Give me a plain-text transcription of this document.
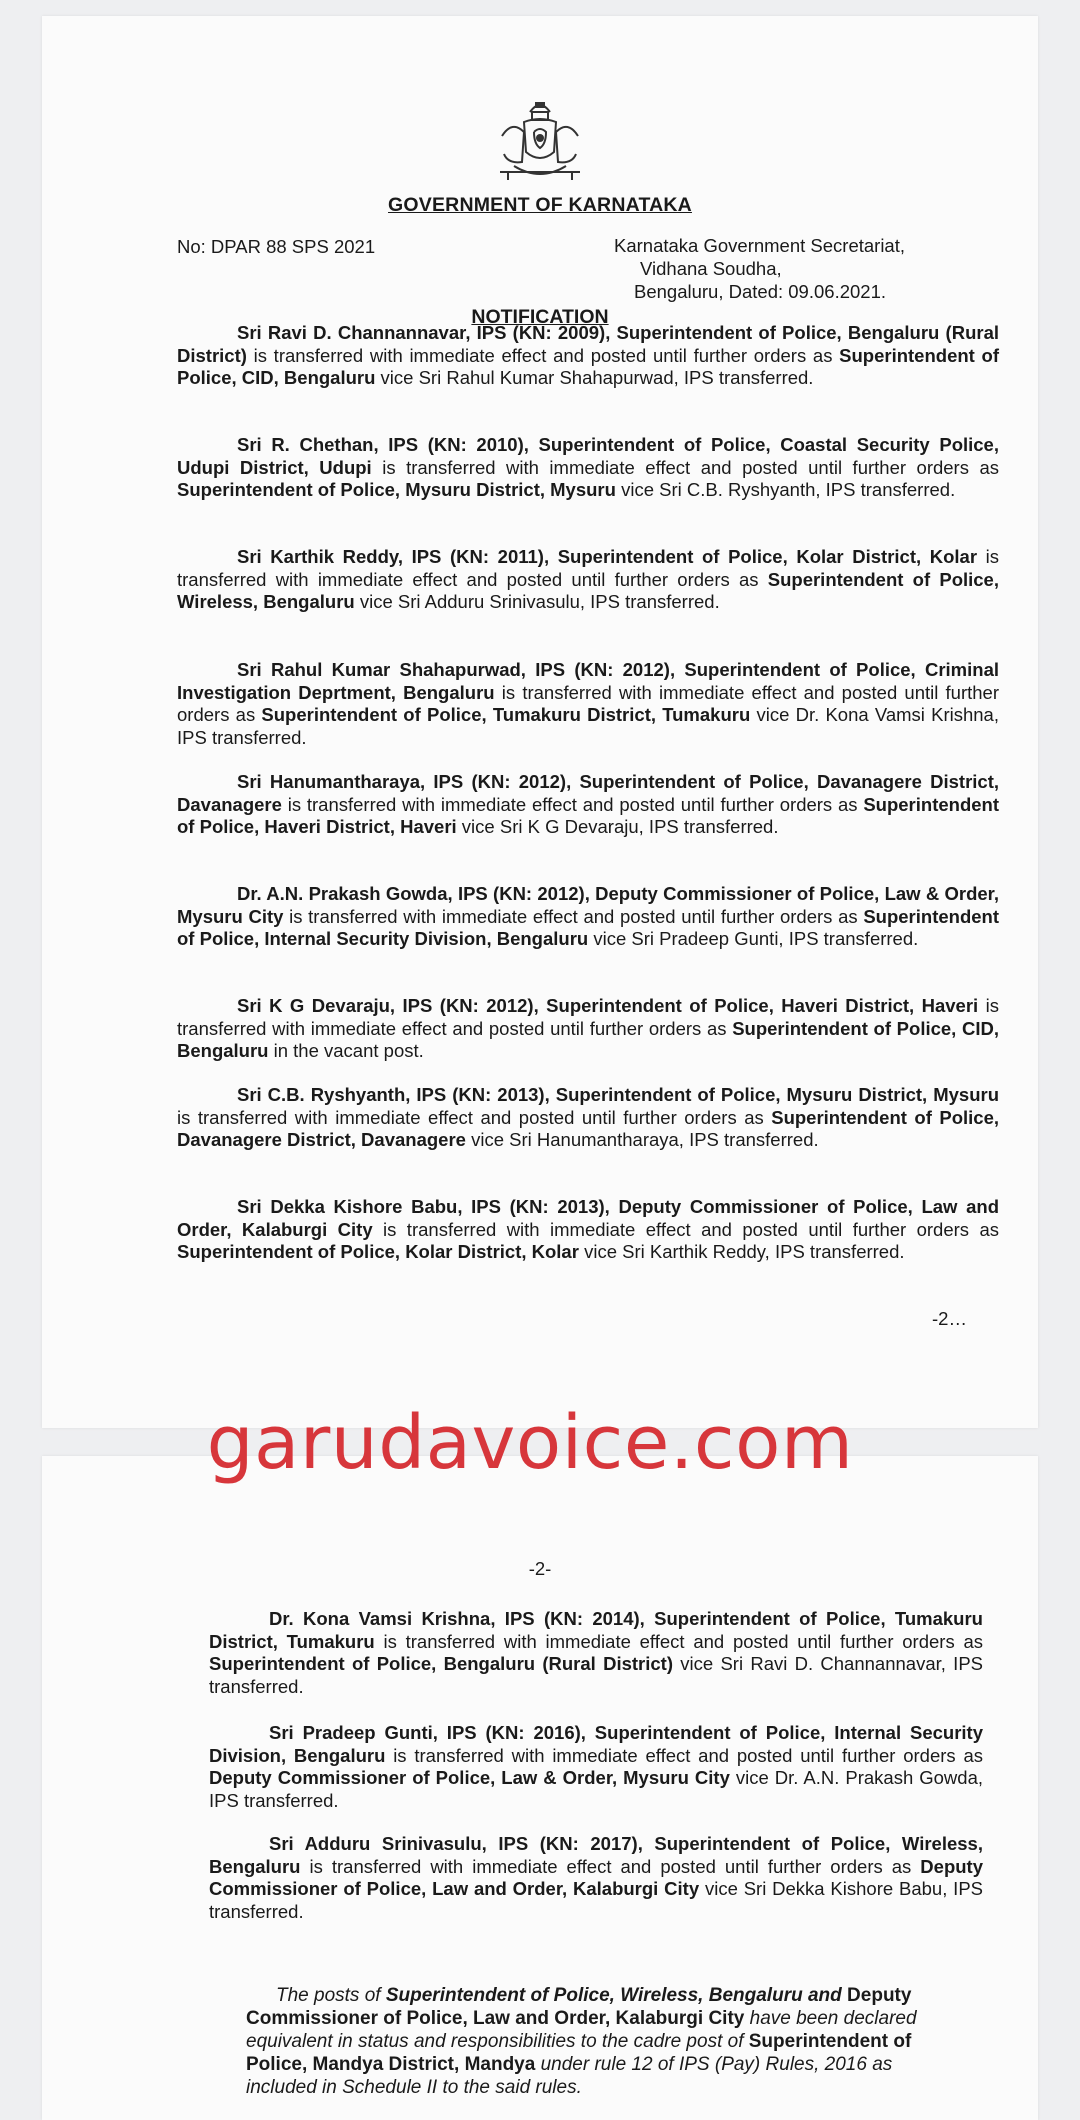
GOVERNMENT OF KARNATAKA
No: DPAR 88 SPS 2021	Karnataka Government Secretariat,
Vidhana Soudha,
Bengaluru, Dated: 09.06.2021.
NOTIFICATION

Sri Ravi D. Channannavar, IPS (KN: 2009), Superintendent of Police, Bengaluru (Rural District) is transferred with immediate effect and posted until further orders as Superintendent of Police, CID, Bengaluru vice Sri Rahul Kumar Shahapurwad, IPS transferred.

Sri R. Chethan, IPS (KN: 2010), Superintendent of Police, Coastal Security Police, Udupi District, Udupi is transferred with immediate effect and posted until further orders as Superintendent of Police, Mysuru District, Mysuru vice Sri C.B. Ryshyanth, IPS transferred.

Sri Karthik Reddy, IPS (KN: 2011), Superintendent of Police, Kolar District, Kolar is transferred with immediate effect and posted until further orders as Superintendent of Police, Wireless, Bengaluru vice Sri Adduru Srinivasulu, IPS transferred.

Sri Rahul Kumar Shahapurwad, IPS (KN: 2012), Superintendent of Police, Criminal Investigation Deprtment, Bengaluru is transferred with immediate effect and posted until further orders as Superintendent of Police, Tumakuru District, Tumakuru vice Dr. Kona Vamsi Krishna, IPS transferred.

Sri Hanumantharaya, IPS (KN: 2012), Superintendent of Police, Davanagere District, Davanagere is transferred with immediate effect and posted until further orders as Superintendent of Police, Haveri District, Haveri vice Sri K G Devaraju, IPS transferred.

Dr. A.N. Prakash Gowda, IPS (KN: 2012), Deputy Commissioner of Police, Law & Order, Mysuru City is transferred with immediate effect and posted until further orders as Superintendent of Police, Internal Security Division, Bengaluru vice Sri Pradeep Gunti, IPS transferred.

Sri K G Devaraju, IPS (KN: 2012), Superintendent of Police, Haveri District, Haveri is transferred with immediate effect and posted until further orders as Superintendent of Police, CID, Bengaluru in the vacant post.

Sri C.B. Ryshyanth, IPS (KN: 2013), Superintendent of Police, Mysuru District, Mysuru is transferred with immediate effect and posted until further orders as Superintendent of Police, Davanagere District, Davanagere vice Sri Hanumantharaya, IPS transferred.

Sri Dekka Kishore Babu, IPS (KN: 2013), Deputy Commissioner of Police, Law and Order, Kalaburgi City is transferred with immediate effect and posted until further orders as Superintendent of Police, Kolar District, Kolar vice Sri Karthik Reddy, IPS transferred.

-2…
-2-

Dr. Kona Vamsi Krishna, IPS (KN: 2014), Superintendent of Police, Tumakuru District, Tumakuru is transferred with immediate effect and posted until further orders as Superintendent of Police, Bengaluru (Rural District) vice Sri Ravi D. Channannavar, IPS transferred.

Sri Pradeep Gunti, IPS (KN: 2016), Superintendent of Police, Internal Security Division, Bengaluru is transferred with immediate effect and posted until further orders as Deputy Commissioner of Police, Law & Order, Mysuru City vice Dr. A.N. Prakash Gowda, IPS transferred.

Sri Adduru Srinivasulu, IPS (KN: 2017), Superintendent of Police, Wireless, Bengaluru is transferred with immediate effect and posted until further orders as Deputy Commissioner of Police, Law and Order, Kalaburgi City vice Sri Dekka Kishore Babu, IPS transferred.

The posts of Superintendent of Police, Wireless, Bengaluru and Deputy Commissioner of Police, Law and Order, Kalaburgi City have been declared equivalent in status and responsibilities to the cadre post of Superintendent of Police, Mandya District, Mandya under rule 12 of IPS (Pay) Rules, 2016 as included in Schedule II to the said rules.

garudavoice.com
